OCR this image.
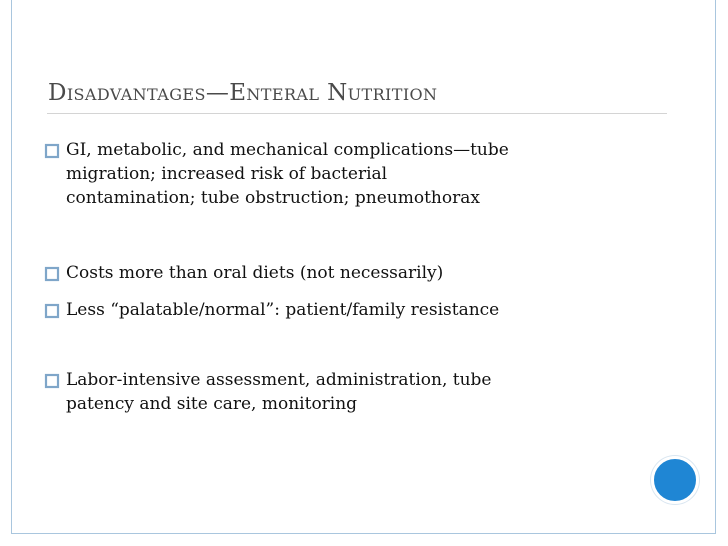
Disadvantages—Enteral Nutrition
GI, metabolic, and mechanical complications—tube
migration; increased risk of bacterial
contamination; tube obstruction; pneumothorax
Costs more than oral diets (not necessarily)
Less “palatable/normal”: patient/family resistance
Labor-intensive assessment, administration, tube
patency and site care, monitoring
